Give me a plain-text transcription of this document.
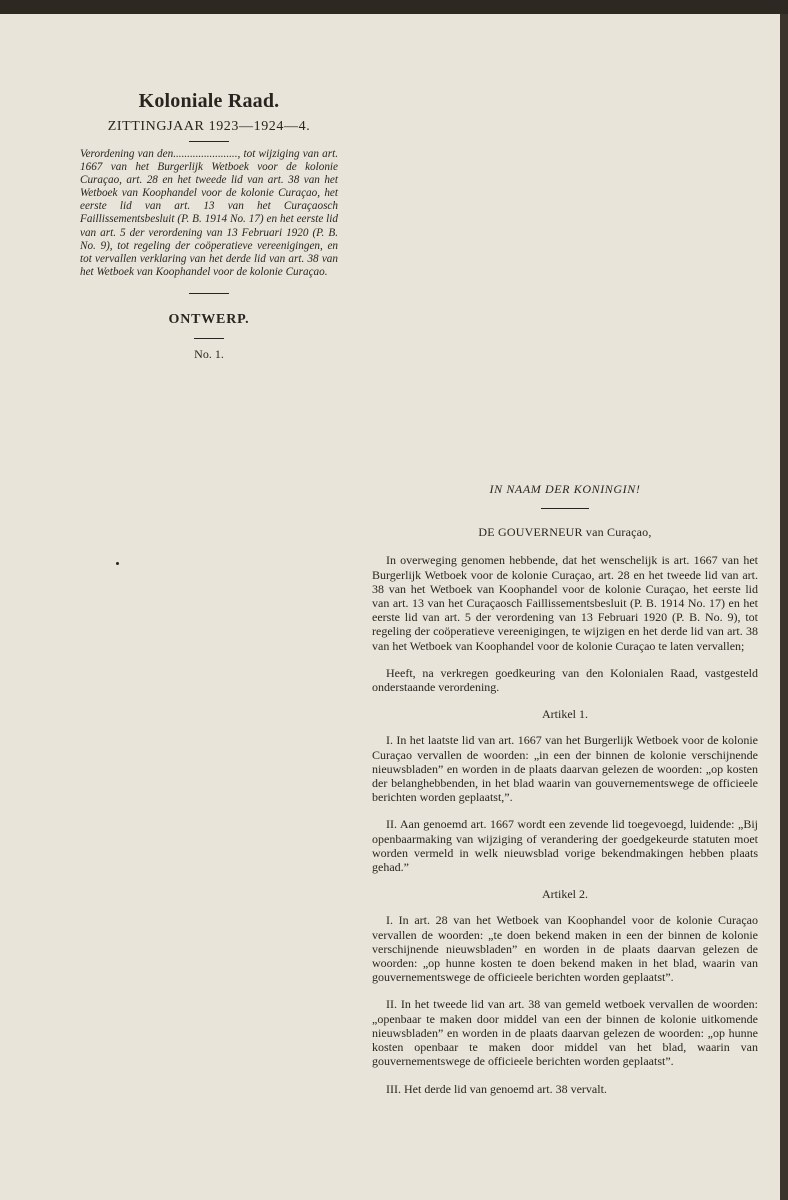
Koloniale Raad.

ZITTINGJAAR 1923—1924—4.

Verordening van den......................., tot wijziging van art. 1667 van het Burgerlijk Wetboek voor de kolonie Curaçao, art. 28 en het tweede lid van art. 38 van het Wetboek van Koophandel voor de kolonie Curaçao, het eerste lid van art. 13 van het Curaçaosch Faillissementsbesluit (P. B. 1914 No. 17) en het eerste lid van art. 5 der verordening van 13 Februari 1920 (P. B. No. 9), tot regeling der coöperatieve vereenigingen, en tot vervallen verklaring van het derde lid van art. 38 van het Wetboek van Koophandel voor de kolonie Curaçao.

ONTWERP.

No. 1.

IN NAAM DER KONINGIN!

DE GOUVERNEUR van Curaçao,

In overweging genomen hebbende, dat het wenschelijk is art. 1667 van het Burgerlijk Wetboek voor de kolonie Curaçao, art. 28 en het tweede lid van art. 38 van het Wetboek van Koophandel voor de kolonie Curaçao, het eerste lid van art. 13 van het Curaçaosch Faillissementsbesluit (P. B. 1914 No. 17) en het eerste lid van art. 5 der verordening van 13 Februari 1920 (P. B. No. 9), tot regeling der coöperatieve vereenigingen, te wijzigen en het derde lid van art. 38 van het Wetboek van Koophandel voor de kolonie Curaçao te laten vervallen;

Heeft, na verkregen goedkeuring van den Kolonialen Raad, vastgesteld onderstaande verordening.

Artikel 1.

I. In het laatste lid van art. 1667 van het Burgerlijk Wetboek voor de kolonie Curaçao vervallen de woorden: „in een der binnen de kolonie verschijnende nieuwsbladen” en worden in de plaats daarvan gelezen de woorden: „op kosten der belanghebbenden, in het blad waarin van gouvernementswege de officieele berichten worden geplaatst,”.

II. Aan genoemd art. 1667 wordt een zevende lid toegevoegd, luidende: „Bij openbaarmaking van wijziging of verandering der goedgekeurde statuten moet worden vermeld in welk nieuwsblad vorige bekendmakingen hebben plaats gehad.”

Artikel 2.

I. In art. 28 van het Wetboek van Koophandel voor de kolonie Curaçao vervallen de woorden: „te doen bekend maken in een der binnen de kolonie verschijnende nieuwsbladen” en worden in de plaats daarvan gelezen de woorden: „op hunne kosten te doen bekend maken in het blad, waarin van gouvernementswege de officieele berichten worden geplaatst”.

II. In het tweede lid van art. 38 van gemeld wetboek vervallen de woorden: „openbaar te maken door middel van een der binnen de kolonie uitkomende nieuwsbladen” en worden in de plaats daarvan gelezen de woorden: „op hunne kosten openbaar te maken door middel van het blad, waarin van gouvernementswege de officieele berichten worden geplaatst”.

III. Het derde lid van genoemd art. 38 vervalt.
